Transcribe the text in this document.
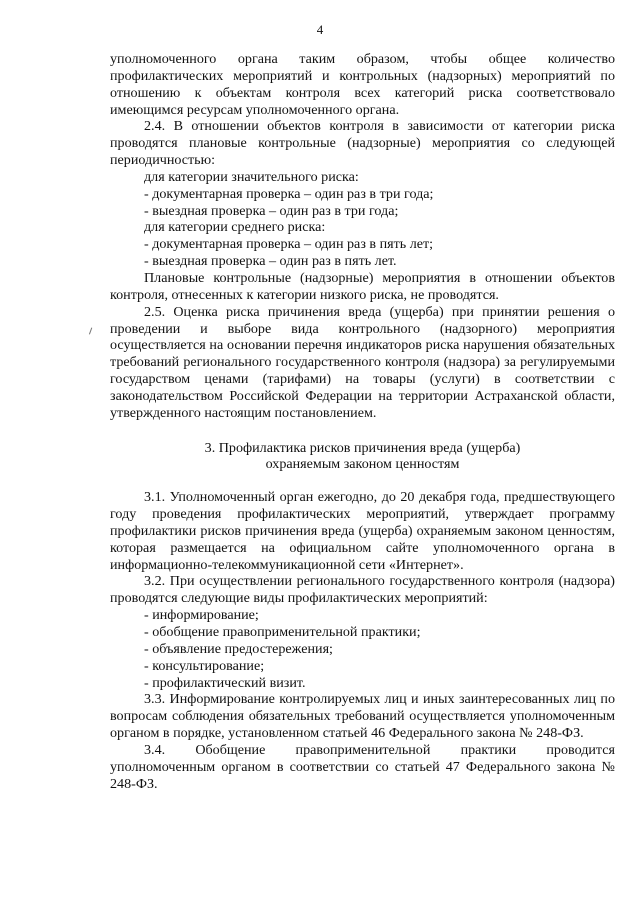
4

уполномоченного органа таким образом, чтобы общее количество профилактических мероприятий и контрольных (надзорных) мероприятий по отношению к объектам контроля всех категорий риска соответствовало имеющимся ресурсам уполномоченного органа.

2.4. В отношении объектов контроля в зависимости от категории риска проводятся плановые контрольные (надзорные) мероприятия со следующей периодичностью:

для категории значительного риска:

- документарная проверка – один раз в три года;

- выездная проверка – один раз в три года;

для категории среднего риска:

- документарная проверка – один раз в пять лет;

- выездная проверка – один раз в пять лет.

Плановые контрольные (надзорные) мероприятия в отношении объектов контроля, отнесенных к категории низкого риска, не проводятся.

2.5. Оценка риска причинения вреда (ущерба) при принятии решения о проведении и выборе вида контрольного (надзорного) мероприятия осуществляется на основании перечня индикаторов риска нарушения обязательных требований регионального государственного контроля (надзора) за регулируемыми государством ценами (тарифами) на товары (услуги) в соответствии с законодательством Российской Федерации на территории Астраханской области, утвержденного настоящим постановлением.

3. Профилактика рисков причинения вреда (ущерба)
охраняемым законом ценностям

3.1. Уполномоченный орган ежегодно, до 20 декабря года, предшествующего году проведения профилактических мероприятий, утверждает программу профилактики рисков причинения вреда (ущерба) охраняемым законом ценностям, которая размещается на официальном сайте уполномоченного органа в информационно-телекоммуникационной сети «Интернет».

3.2. При осуществлении регионального государственного контроля (надзора) проводятся следующие виды профилактических мероприятий:

- информирование;

- обобщение правоприменительной практики;

- объявление предостережения;

- консультирование;

- профилактический визит.

3.3. Информирование контролируемых лиц и иных заинтересованных лиц по вопросам соблюдения обязательных требований осуществляется уполномоченным органом в порядке, установленном статьей 46 Федерального закона № 248-ФЗ.

3.4. Обобщение правоприменительной практики проводится уполномоченным органом в соответствии со статьей 47 Федерального закона № 248-ФЗ.
